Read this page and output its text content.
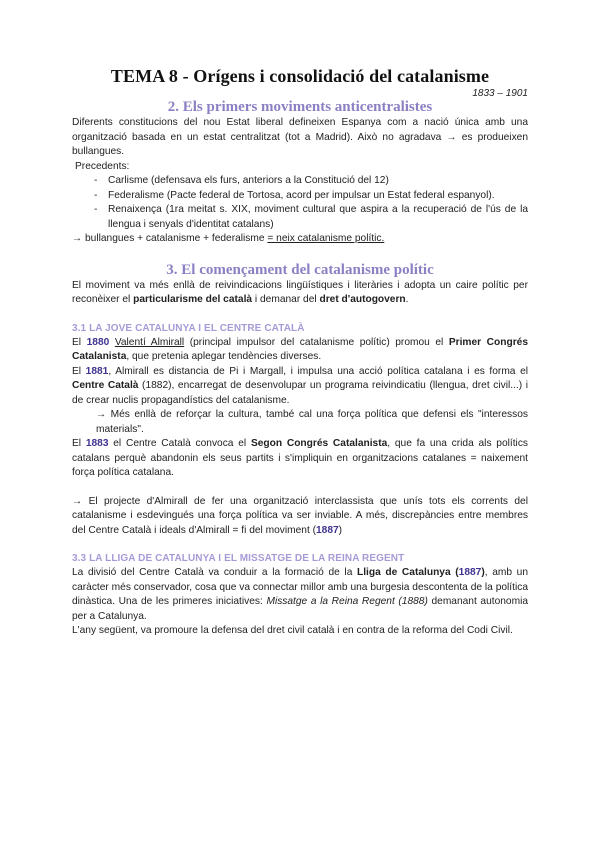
TEMA 8 - Orígens i consolidació del catalanisme
1833 – 1901
2. Els primers moviments anticentralistes

Diferents constitucions del nou Estat liberal defineixen Espanya com a nació única amb una organització basada en un estat centralitzat (tot a Madrid). Això no agradava → es produeixen bullangues.

Precedents:

- Carlisme (defensava els furs, anteriors a la Constitució del 12)
- Federalisme (Pacte federal de Tortosa, acord per impulsar un Estat federal espanyol).
- Renaixença (1ra meitat s. XIX, moviment cultural que aspira a la recuperació de l'ús de la llengua i senyals d'identitat catalans)

→ bullangues + catalanisme + federalisme = neix catalanisme polític.

3. El començament del catalanisme polític

El moviment va més enllà de reivindicacions lingüístiques i literàries i adopta un caire polític per reconèixer el particularisme del català i demanar del dret d'autogovern.

3.1 LA JOVE CATALUNYA I EL CENTRE CATALÀ

El 1880 Valentí Almirall (principal impulsor del catalanisme polític) promou el Primer Congrés Catalanista, que pretenia aplegar tendències diverses.

El 1881, Almirall es distancia de Pi i Margall, i impulsa una acció política catalana i es forma el Centre Català (1882), encarregat de desenvolupar un programa reivindicatiu (llengua, dret civil...) i de crear nuclis propagandístics del catalanisme.

→ Més enllà de reforçar la cultura, també cal una força política que defensi els "interessos materials".

El 1883 el Centre Català convoca el Segon Congrés Catalanista, que fa una crida als polítics catalans perquè abandonin els seus partits i s'impliquin en organitzacions catalanes = naixement força política catalana.

→ El projecte d'Almirall de fer una organització interclassista que unís tots els corrents del catalanisme i esdevingués una força política va ser inviable. A més, discrepàncies entre membres del Centre Català i ideals d'Almirall = fi del moviment (1887)

3.3 LA LLIGA DE CATALUNYA I EL MISSATGE DE LA REINA REGENT

La divisió del Centre Català va conduir a la formació de la Lliga de Catalunya (1887), amb un caràcter més conservador, cosa que va connectar millor amb una burgesia descontenta de la política dinàstica. Una de les primeres iniciatives: Missatge a la Reina Regent (1888) demanant autonomia per a Catalunya.

L'any següent, va promoure la defensa del dret civil català i en contra de la reforma del Codi Civil.
